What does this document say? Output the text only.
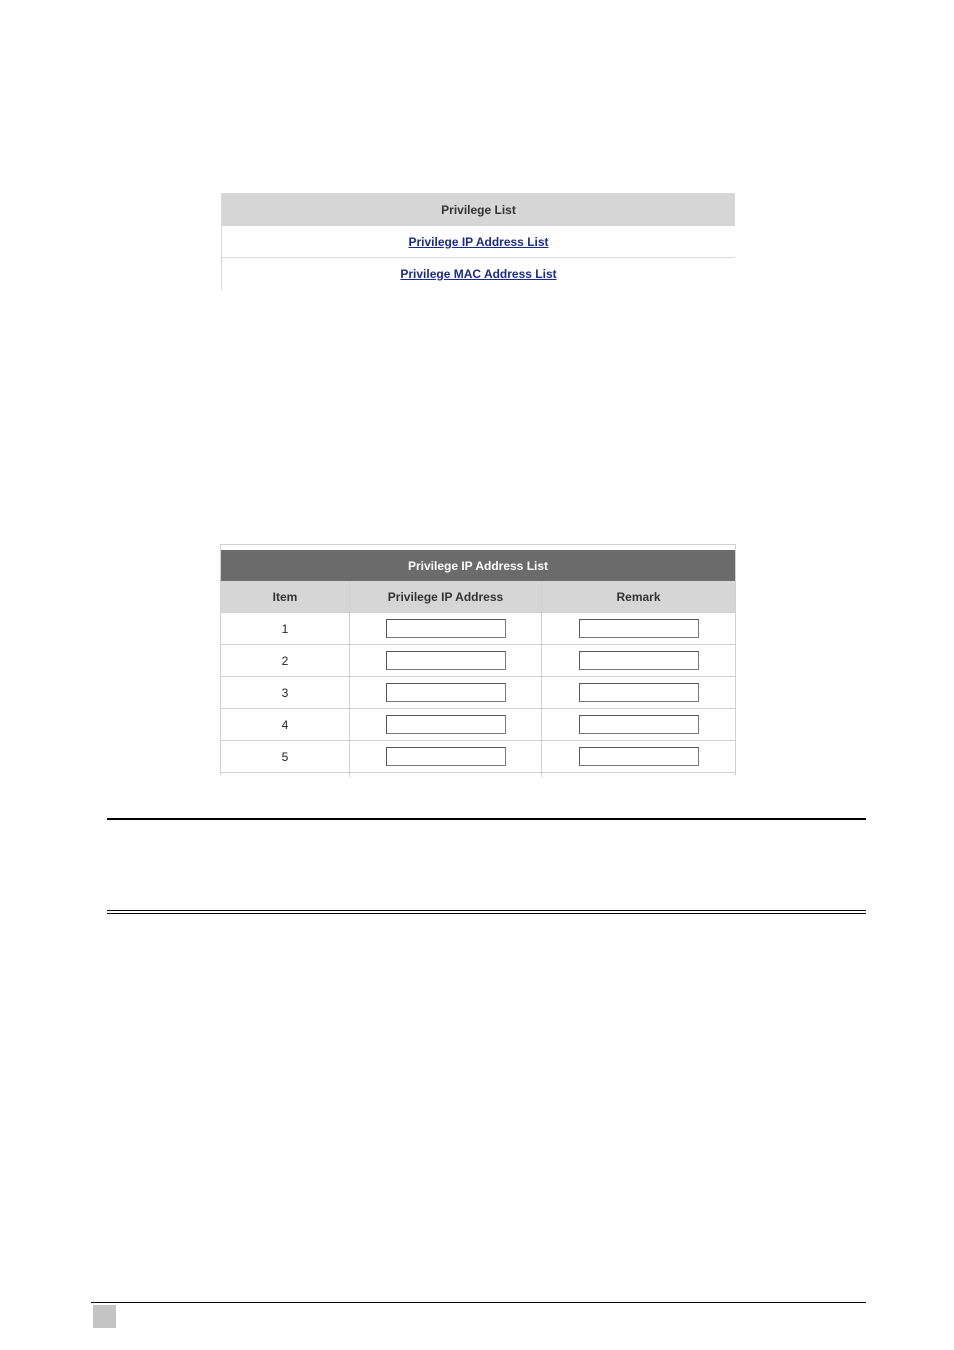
Privilege List
Privilege IP Address List
Privilege MAC Address List
Privilege IP Address List
Item	Privilege IP Address	Remark
1
2
3
4
5
